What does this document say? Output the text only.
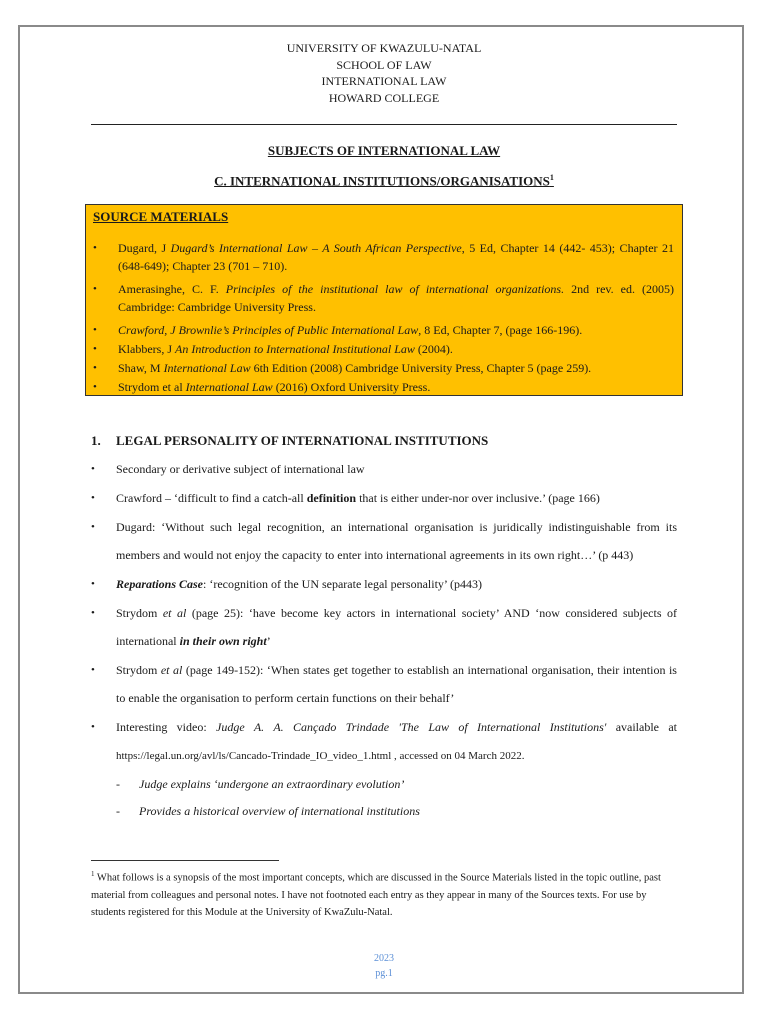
UNIVERSITY OF KWAZULU-NATAL
SCHOOL OF LAW
INTERNATIONAL LAW
HOWARD COLLEGE
SUBJECTS OF INTERNATIONAL LAW
C. INTERNATIONAL INSTITUTIONS/ORGANISATIONS$^1$
SOURCE MATERIALS
• Dugard, J Dugard’s International Law – A South African Perspective, 5 Ed, Chapter 14 (442- 453); Chapter 21 (648-649); Chapter 23 (701 – 710).
• Amerasinghe, C. F. Principles of the institutional law of international organizations. 2nd rev. ed. (2005) Cambridge: Cambridge University Press.
• Crawford, J Brownlie’s Principles of Public International Law, 8 Ed, Chapter 7, (page 166-196).
• Klabbers, J An Introduction to International Institutional Law (2004).
• Shaw, M International Law 6th Edition (2008) Cambridge University Press, Chapter 5 (page 259).
• Strydom et al International Law (2016) Oxford University Press.
1. LEGAL PERSONALITY OF INTERNATIONAL INSTITUTIONS
• Secondary or derivative subject of international law
• Crawford – ‘difficult to find a catch-all definition that is either under-nor over inclusive.’ (page 166)
• Dugard: ‘Without such legal recognition, an international organisation is juridically indistinguishable from its members and would not enjoy the capacity to enter into international agreements in its own right…’ (p 443)
• Reparations Case: ‘recognition of the UN separate legal personality’ (p443)
• Strydom et al (page 25): ‘have become key actors in international society’ AND ‘now considered subjects of international in their own right’
• Strydom et al (page 149-152): ‘When states get together to establish an international organisation, their intention is to enable the organisation to perform certain functions on their behalf’
• Interesting video: Judge A. A. Cançado Trindade 'The Law of International Institutions' available at https://legal.un.org/avl/ls/Cancado-Trindade_IO_video_1.html , accessed on 04 March 2022.
- Judge explains ‘undergone an extraordinary evolution’
- Provides a historical overview of international institutions
$^1$ What follows is a synopsis of the most important concepts, which are discussed in the Source Materials listed in the topic outline, past material from colleagues and personal notes. I have not footnoted each entry as they appear in many of the Sources texts. For use by students registered for this Module at the University of KwaZulu-Natal.
2023
pg.1
